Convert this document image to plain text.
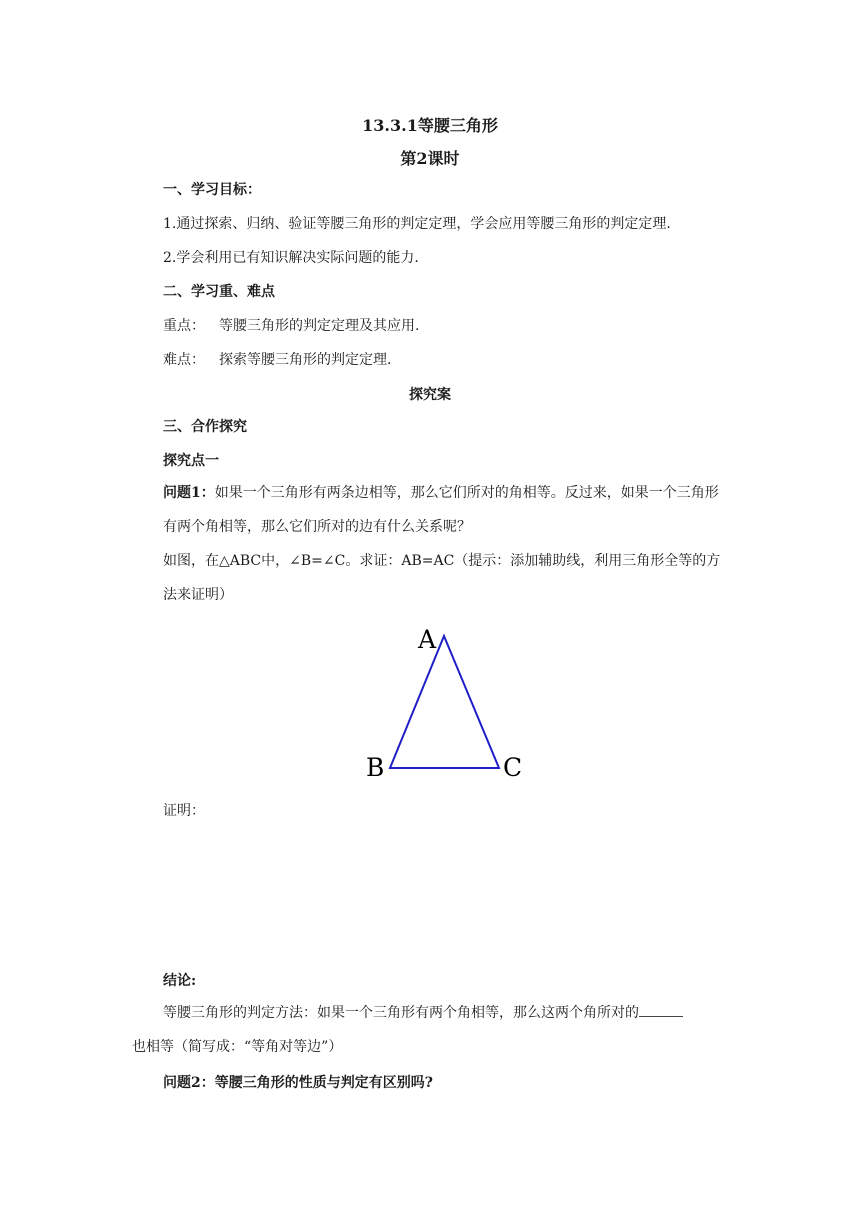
13.3.1等腰三角形
第2课时
一、学习目标：
1.通过探索、归纳、验证等腰三角形的判定定理，学会应用等腰三角形的判定定理.
2.学会利用已有知识解决实际问题的能力.
二、学习重、难点
重点： 等腰三角形的判定定理及其应用.
难点： 探索等腰三角形的判定定理.
探究案
三、合作探究
探究点一
问题1：如果一个三角形有两条边相等，那么它们所对的角相等。反过来，如果一个三角形有两个角相等，那么它们所对的边有什么关系呢？
如图，在△ABC中，∠B=∠C。求证：AB=AC（提示：添加辅助线，利用三角形全等的方法来证明）
A
B	C
证明：
结论:
等腰三角形的判定方法：如果一个三角形有两个角相等，那么这两个角所对的
也相等（简写成：“等角对等边”）
问题2：等腰三角形的性质与判定有区别吗?
